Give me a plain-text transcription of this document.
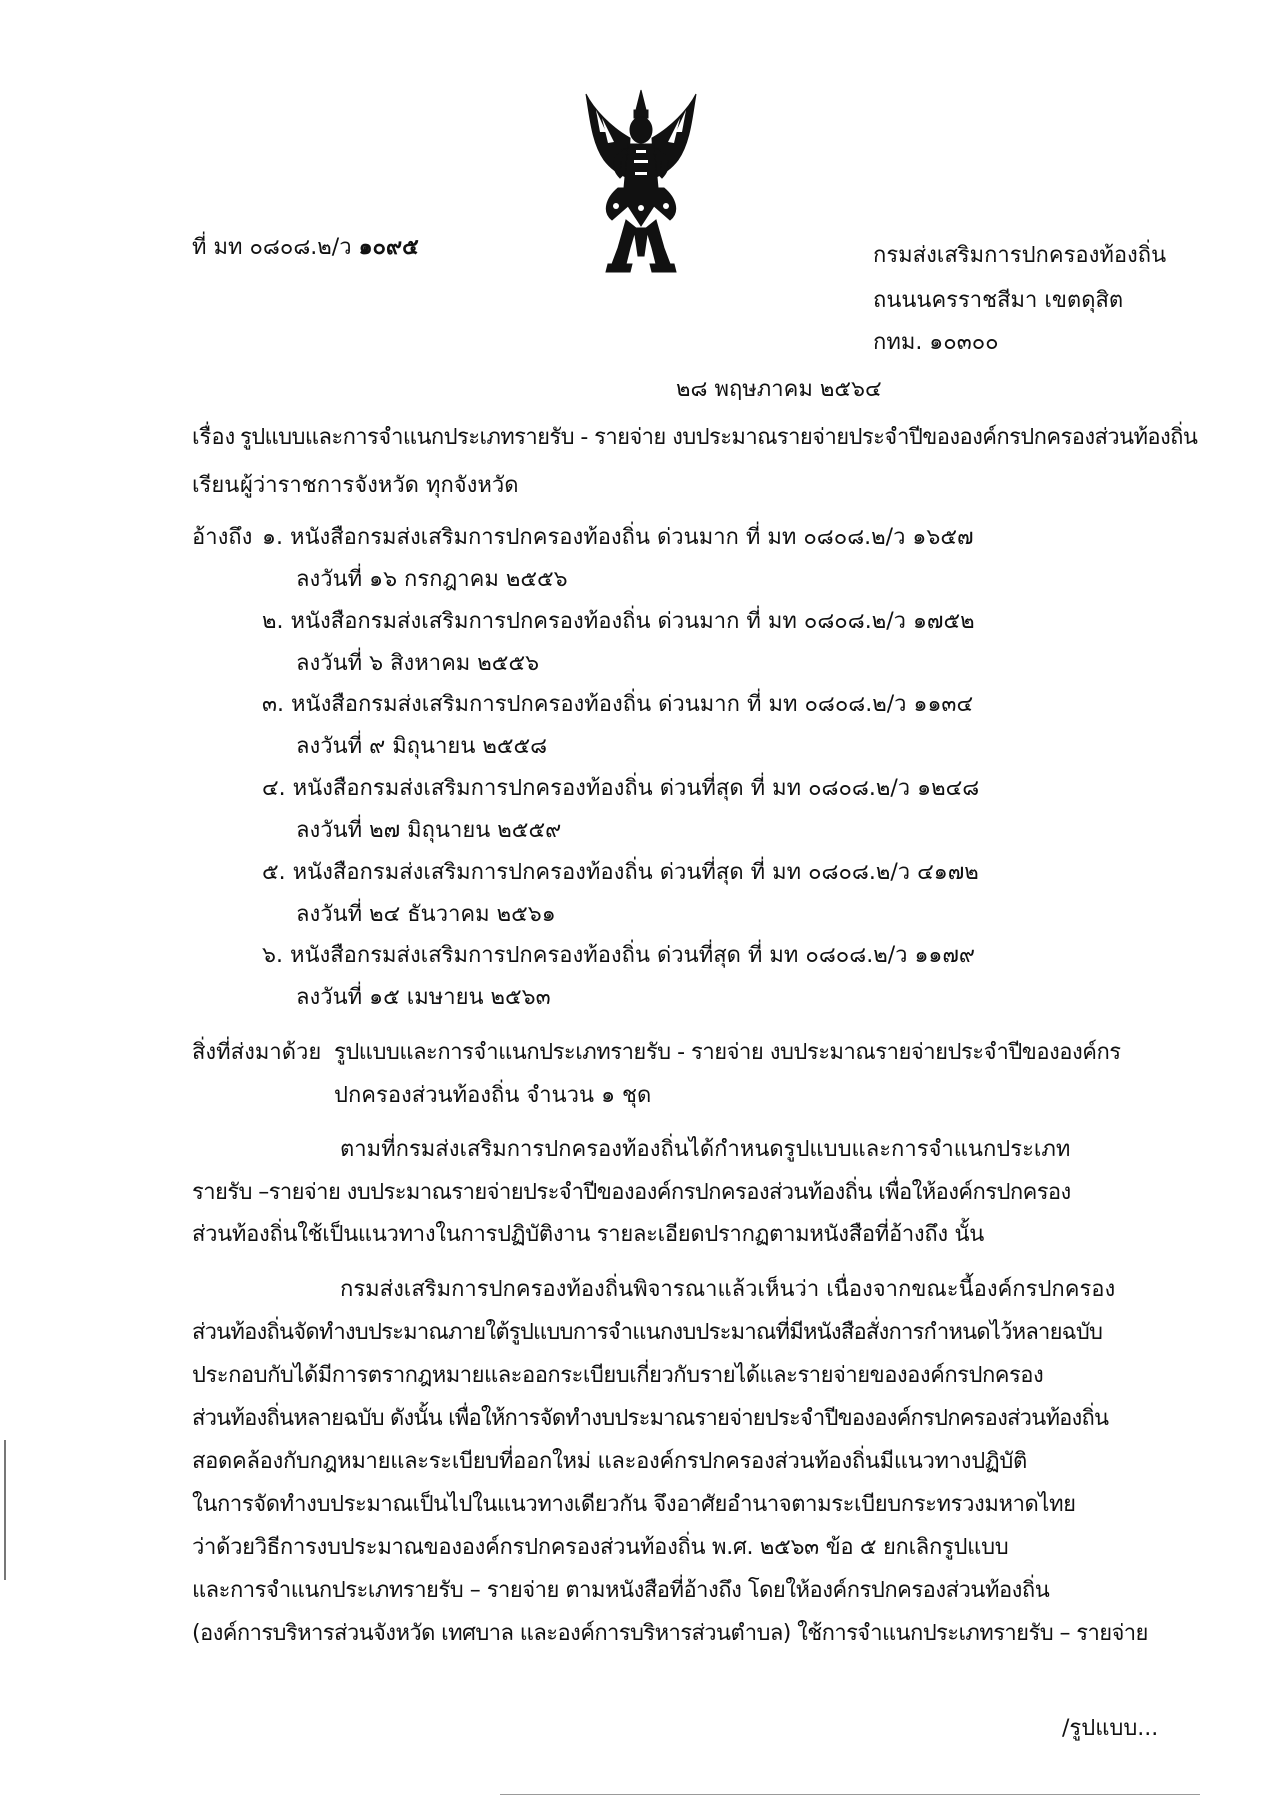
ที่ มท ๐๘๐๘.๒/ว ๑๐๙๕	กรมส่งเสริมการปกครองท้องถิ่น
ถนนนครราชสีมา เขตดุสิต
กทม. ๑๐๓๐๐
๒๘ พฤษภาคม ๒๕๖๔
เรื่อง รูปแบบและการจำแนกประเภทรายรับ - รายจ่าย งบประมาณรายจ่ายประจำปีขององค์กรปกครองส่วนท้องถิ่น
เรียน ผู้ว่าราชการจังหวัด ทุกจังหวัด
อ้างถึง ๑. หนังสือกรมส่งเสริมการปกครองท้องถิ่น ด่วนมาก ที่ มท ๐๘๐๘.๒/ว ๑๖๕๗
ลงวันที่ ๑๖ กรกฎาคม ๒๕๕๖
๒. หนังสือกรมส่งเสริมการปกครองท้องถิ่น ด่วนมาก ที่ มท ๐๘๐๘.๒/ว ๑๗๕๒
ลงวันที่ ๖ สิงหาคม ๒๕๕๖
๓. หนังสือกรมส่งเสริมการปกครองท้องถิ่น ด่วนมาก ที่ มท ๐๘๐๘.๒/ว ๑๑๓๔
ลงวันที่ ๙ มิถุนายน ๒๕๕๘
๔. หนังสือกรมส่งเสริมการปกครองท้องถิ่น ด่วนที่สุด ที่ มท ๐๘๐๘.๒/ว ๑๒๔๘
ลงวันที่ ๒๗ มิถุนายน ๒๕๕๙
๕. หนังสือกรมส่งเสริมการปกครองท้องถิ่น ด่วนที่สุด ที่ มท ๐๘๐๘.๒/ว ๔๑๗๒
ลงวันที่ ๒๔ ธันวาคม ๒๕๖๑
๖. หนังสือกรมส่งเสริมการปกครองท้องถิ่น ด่วนที่สุด ที่ มท ๐๘๐๘.๒/ว ๑๑๗๙
ลงวันที่ ๑๕ เมษายน ๒๕๖๓
สิ่งที่ส่งมาด้วย รูปแบบและการจำแนกประเภทรายรับ - รายจ่าย งบประมาณรายจ่ายประจำปีขององค์กร
ปกครองส่วนท้องถิ่น จำนวน ๑ ชุด
ตามที่กรมส่งเสริมการปกครองท้องถิ่นได้กำหนดรูปแบบและการจำแนกประเภท
รายรับ –รายจ่าย งบประมาณรายจ่ายประจำปีขององค์กรปกครองส่วนท้องถิ่น เพื่อให้องค์กรปกครอง
ส่วนท้องถิ่นใช้เป็นแนวทางในการปฏิบัติงาน รายละเอียดปรากฏตามหนังสือที่อ้างถึง นั้น
กรมส่งเสริมการปกครองท้องถิ่นพิจารณาแล้วเห็นว่า เนื่องจากขณะนี้องค์กรปกครอง
ส่วนท้องถิ่นจัดทำงบประมาณภายใต้รูปแบบการจำแนกงบประมาณที่มีหนังสือสั่งการกำหนดไว้หลายฉบับ
ประกอบกับได้มีการตรากฎหมายและออกระเบียบเกี่ยวกับรายได้และรายจ่ายขององค์กรปกครอง
ส่วนท้องถิ่นหลายฉบับ ดังนั้น เพื่อให้การจัดทำงบประมาณรายจ่ายประจำปีขององค์กรปกครองส่วนท้องถิ่น
สอดคล้องกับกฎหมายและระเบียบที่ออกใหม่ และองค์กรปกครองส่วนท้องถิ่นมีแนวทางปฏิบัติ
ในการจัดทำงบประมาณเป็นไปในแนวทางเดียวกัน จึงอาศัยอำนาจตามระเบียบกระทรวงมหาดไทย
ว่าด้วยวิธีการงบประมาณขององค์กรปกครองส่วนท้องถิ่น พ.ศ. ๒๕๖๓ ข้อ ๕ ยกเลิกรูปแบบ
และการจำแนกประเภทรายรับ – รายจ่าย ตามหนังสือที่อ้างถึง โดยให้องค์กรปกครองส่วนท้องถิ่น
(องค์การบริหารส่วนจังหวัด เทศบาล และองค์การบริหารส่วนตำบล) ใช้การจำแนกประเภทรายรับ – รายจ่าย
/รูปแบบ...
